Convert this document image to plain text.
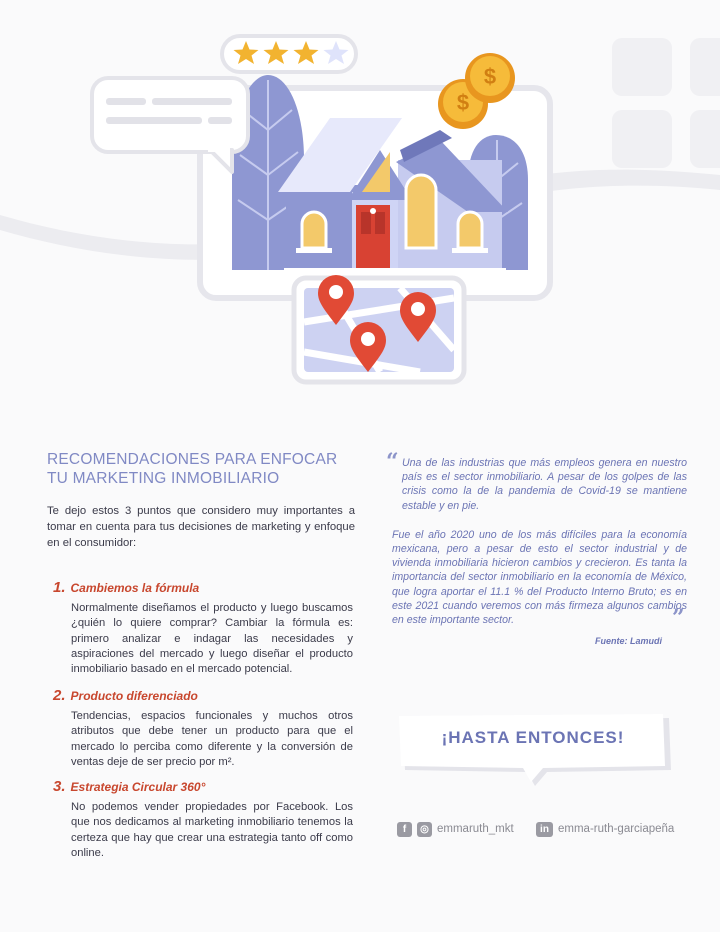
$
$
RECOMENDACIONES PARA ENFOCAR
TU MARKETING INMOBILIARIO

Te dejo estos 3 puntos que considero muy importantes a tomar en cuenta para tus decisiones de marketing y enfoque en el consumidor:

1. Cambiemos la fórmula
Normalmente diseñamos el producto y luego buscamos ¿quién lo quiere comprar? Cambiar la fórmula es: primero analizar e indagar las necesidades y aspiraciones del mercado y luego diseñar el producto inmobiliario basado en el mercado potencial.
2. Producto diferenciado
Tendencias, espacios funcionales y muchos otros atributos que debe tener un producto para que el mercado lo perciba como diferente y la conversión de ventas deje de ser precio por m².
3. Estrategia Circular 360°
No podemos vender propiedades por Facebook. Los que nos dedicamos al marketing inmobiliario tenemos la certeza que hay que crear una estrategia tanto off como online.
“ Una de las industrias que más empleos genera en nuestro país es el sector inmobiliario. A pesar de los golpes de las crisis como la de la pandemia de Covid-19 se mantiene estable y en pie.

Fue el año 2020 uno de los más difíciles para la economía mexicana, pero a pesar de esto el sector industrial y de vivienda inmobiliaria hicieron cambios y crecieron. Es tanta la importancia del sector inmobiliario en la economía de México, que logra aportar el 11.1 % del Producto Interno Bruto; es en este 2021 cuando veremos con más firmeza algunos cambios en este importante sector.	”
Fuente: Lamudi
¡HASTA ENTONCES!
f	◎ emmaruth_mkt	in emma-ruth-garciapeña
